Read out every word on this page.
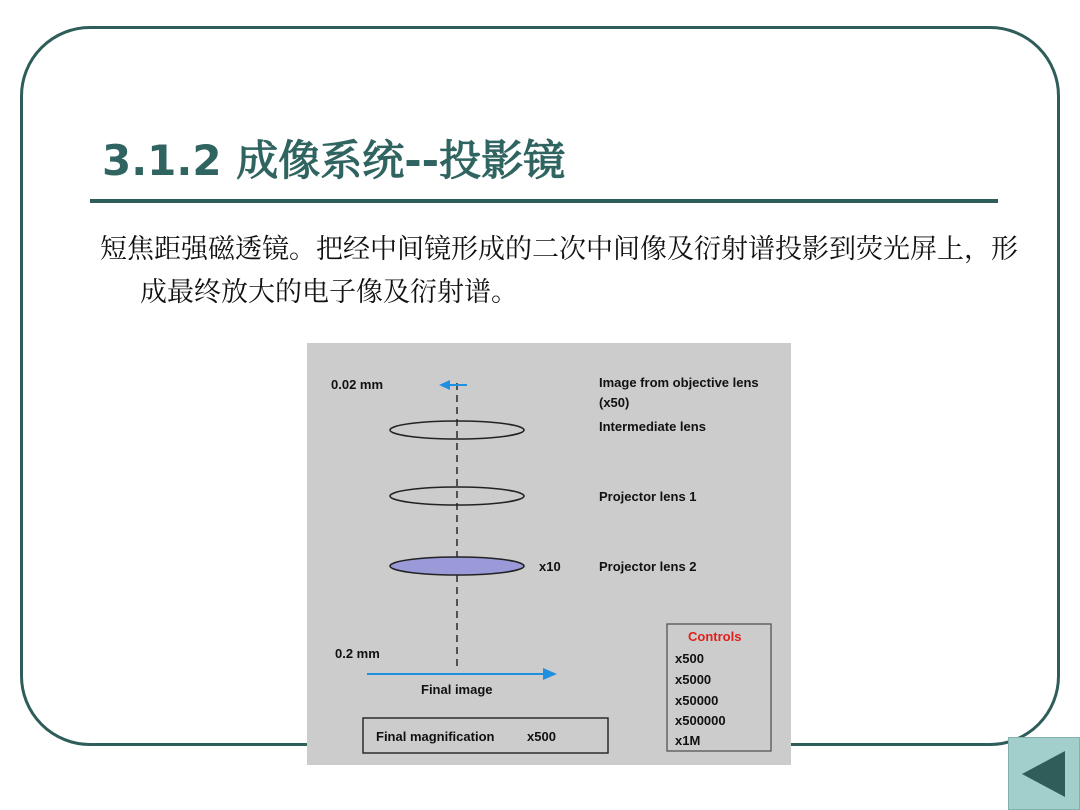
3.1.2 成像系统--投影镜
短焦距强磁透镜。把经中间镜形成的二次中间像及衍射谱投影到荧光屏上，形成最终放大的电子像及衍射谱。
0.02 mm
0.2 mm
Image from objective lens
(x50)
Intermediate lens
Projector lens 1
Projector lens 2
x10
Final image
Final magnification	x500
Controls
x500
x5000
x50000
x500000
x1M
